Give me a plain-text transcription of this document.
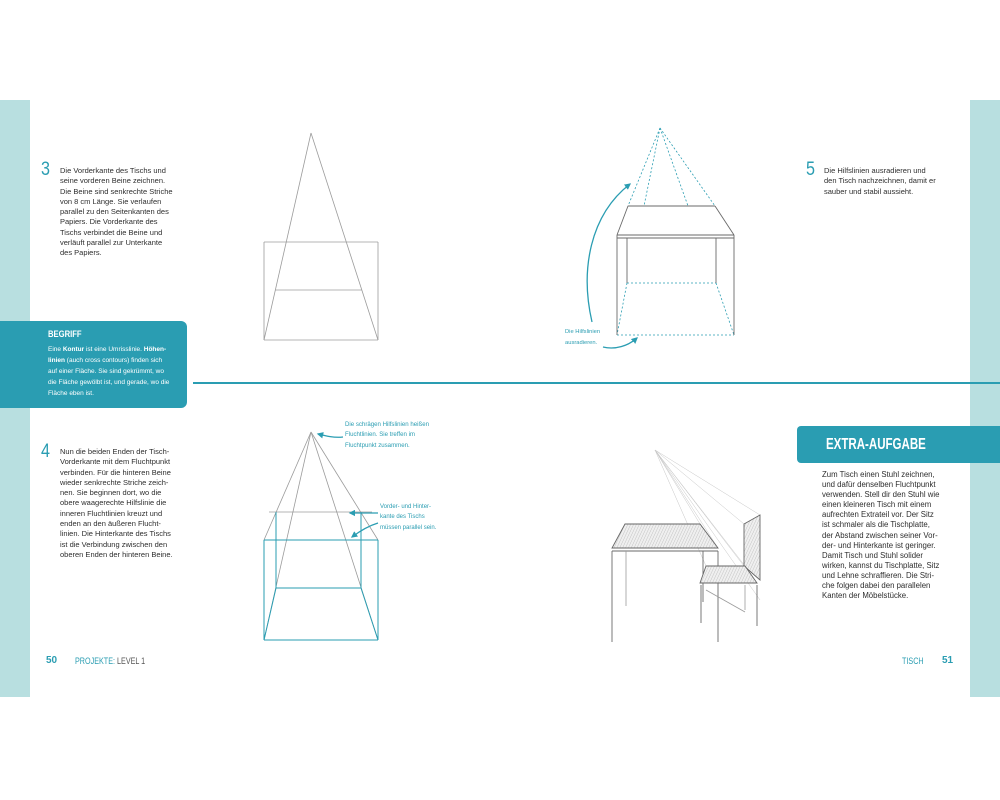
3 Die Vorderkante des Tischs und
seine vorderen Beine zeichnen.
Die Beine sind senkrechte Striche
von 8 cm Länge. Sie verlaufen
parallel zu den Seitenkanten des
Papiers. Die Vorderkante des
Tischs verbindet die Beine und
verläuft parallel zur Unterkante
des Papiers.
BEGRIFF
Eine Kontur ist eine Umrisslinie. Höhen-
linien (auch cross contours) finden sich
auf einer Fläche. Sie sind gekrümmt, wo
die Fläche gewölbt ist, und gerade, wo die
Fläche eben ist.
4 Nun die beiden Enden der Tisch-
Vorderkante mit dem Fluchtpunkt
verbinden. Für die hinteren Beine
wieder senkrechte Striche zeich-
nen. Sie beginnen dort, wo die
obere waagerechte Hilfslinie die
inneren Fluchtlinien kreuzt und
enden an den äußeren Flucht-
linien. Die Hinterkante des Tischs
ist die Verbindung zwischen den
oberen Enden der hinteren Beine.
Die schrägen Hilfslinien heißen
Fluchtlinien. Sie treffen im
Fluchtpunkt zusammen.
Vorder- und Hinter-
kante des Tischs
müssen parallel sein.
Die Hilfslinien
ausradieren.
5 Die Hilfslinien ausradieren und
den Tisch nachzeichnen, damit er
sauber und stabil aussieht.
EXTRA-AUFGABE
Zum Tisch einen Stuhl zeichnen,
und dafür denselben Fluchtpunkt
verwenden. Stell dir den Stuhl wie
einen kleineren Tisch mit einem
aufrechten Extrateil vor. Der Sitz
ist schmaler als die Tischplatte,
der Abstand zwischen seiner Vor-
der- und Hinterkante ist geringer.
Damit Tisch und Stuhl solider
wirken, kannst du Tischplatte, Sitz
und Lehne schraffieren. Die Stri-
che folgen dabei den parallelen
Kanten der Möbelstücke.
50 PROJEKTE: LEVEL 1	TISCH 51
